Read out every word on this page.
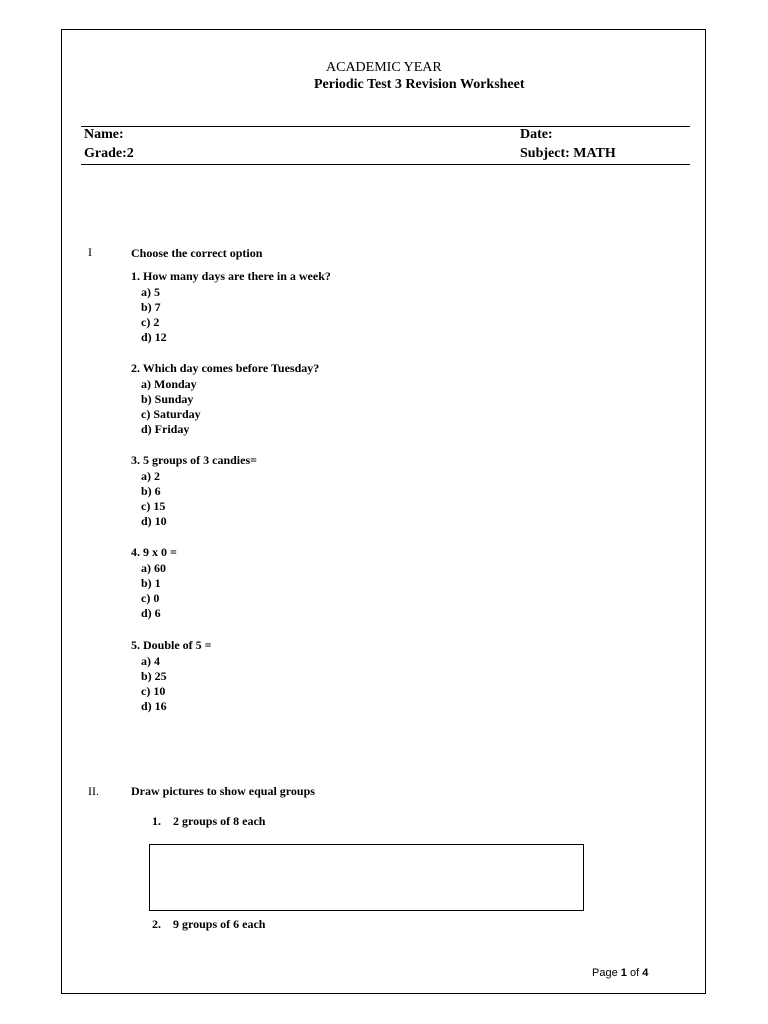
ACADEMIC YEAR
Periodic Test 3 Revision Worksheet
Name:	Date:
Grade:2	Subject: MATH
I	Choose the correct option
1. How many days are there in a week?
a) 5
b) 7
c) 2
d) 12
2. Which day comes before Tuesday?
a) Monday
b) Sunday
c) Saturday
d) Friday
3. 5 groups of 3 candies=
a) 2
b) 6
c) 15
d) 10
4. 9 x 0 =
a) 60
b) 1
c) 0
d) 6
5. Double of 5 =
a) 4
b) 25
c) 10
d) 16
II.	Draw pictures to show equal groups
1. 2 groups of 8 each
2. 9 groups of 6 each
Page 1 of 4
